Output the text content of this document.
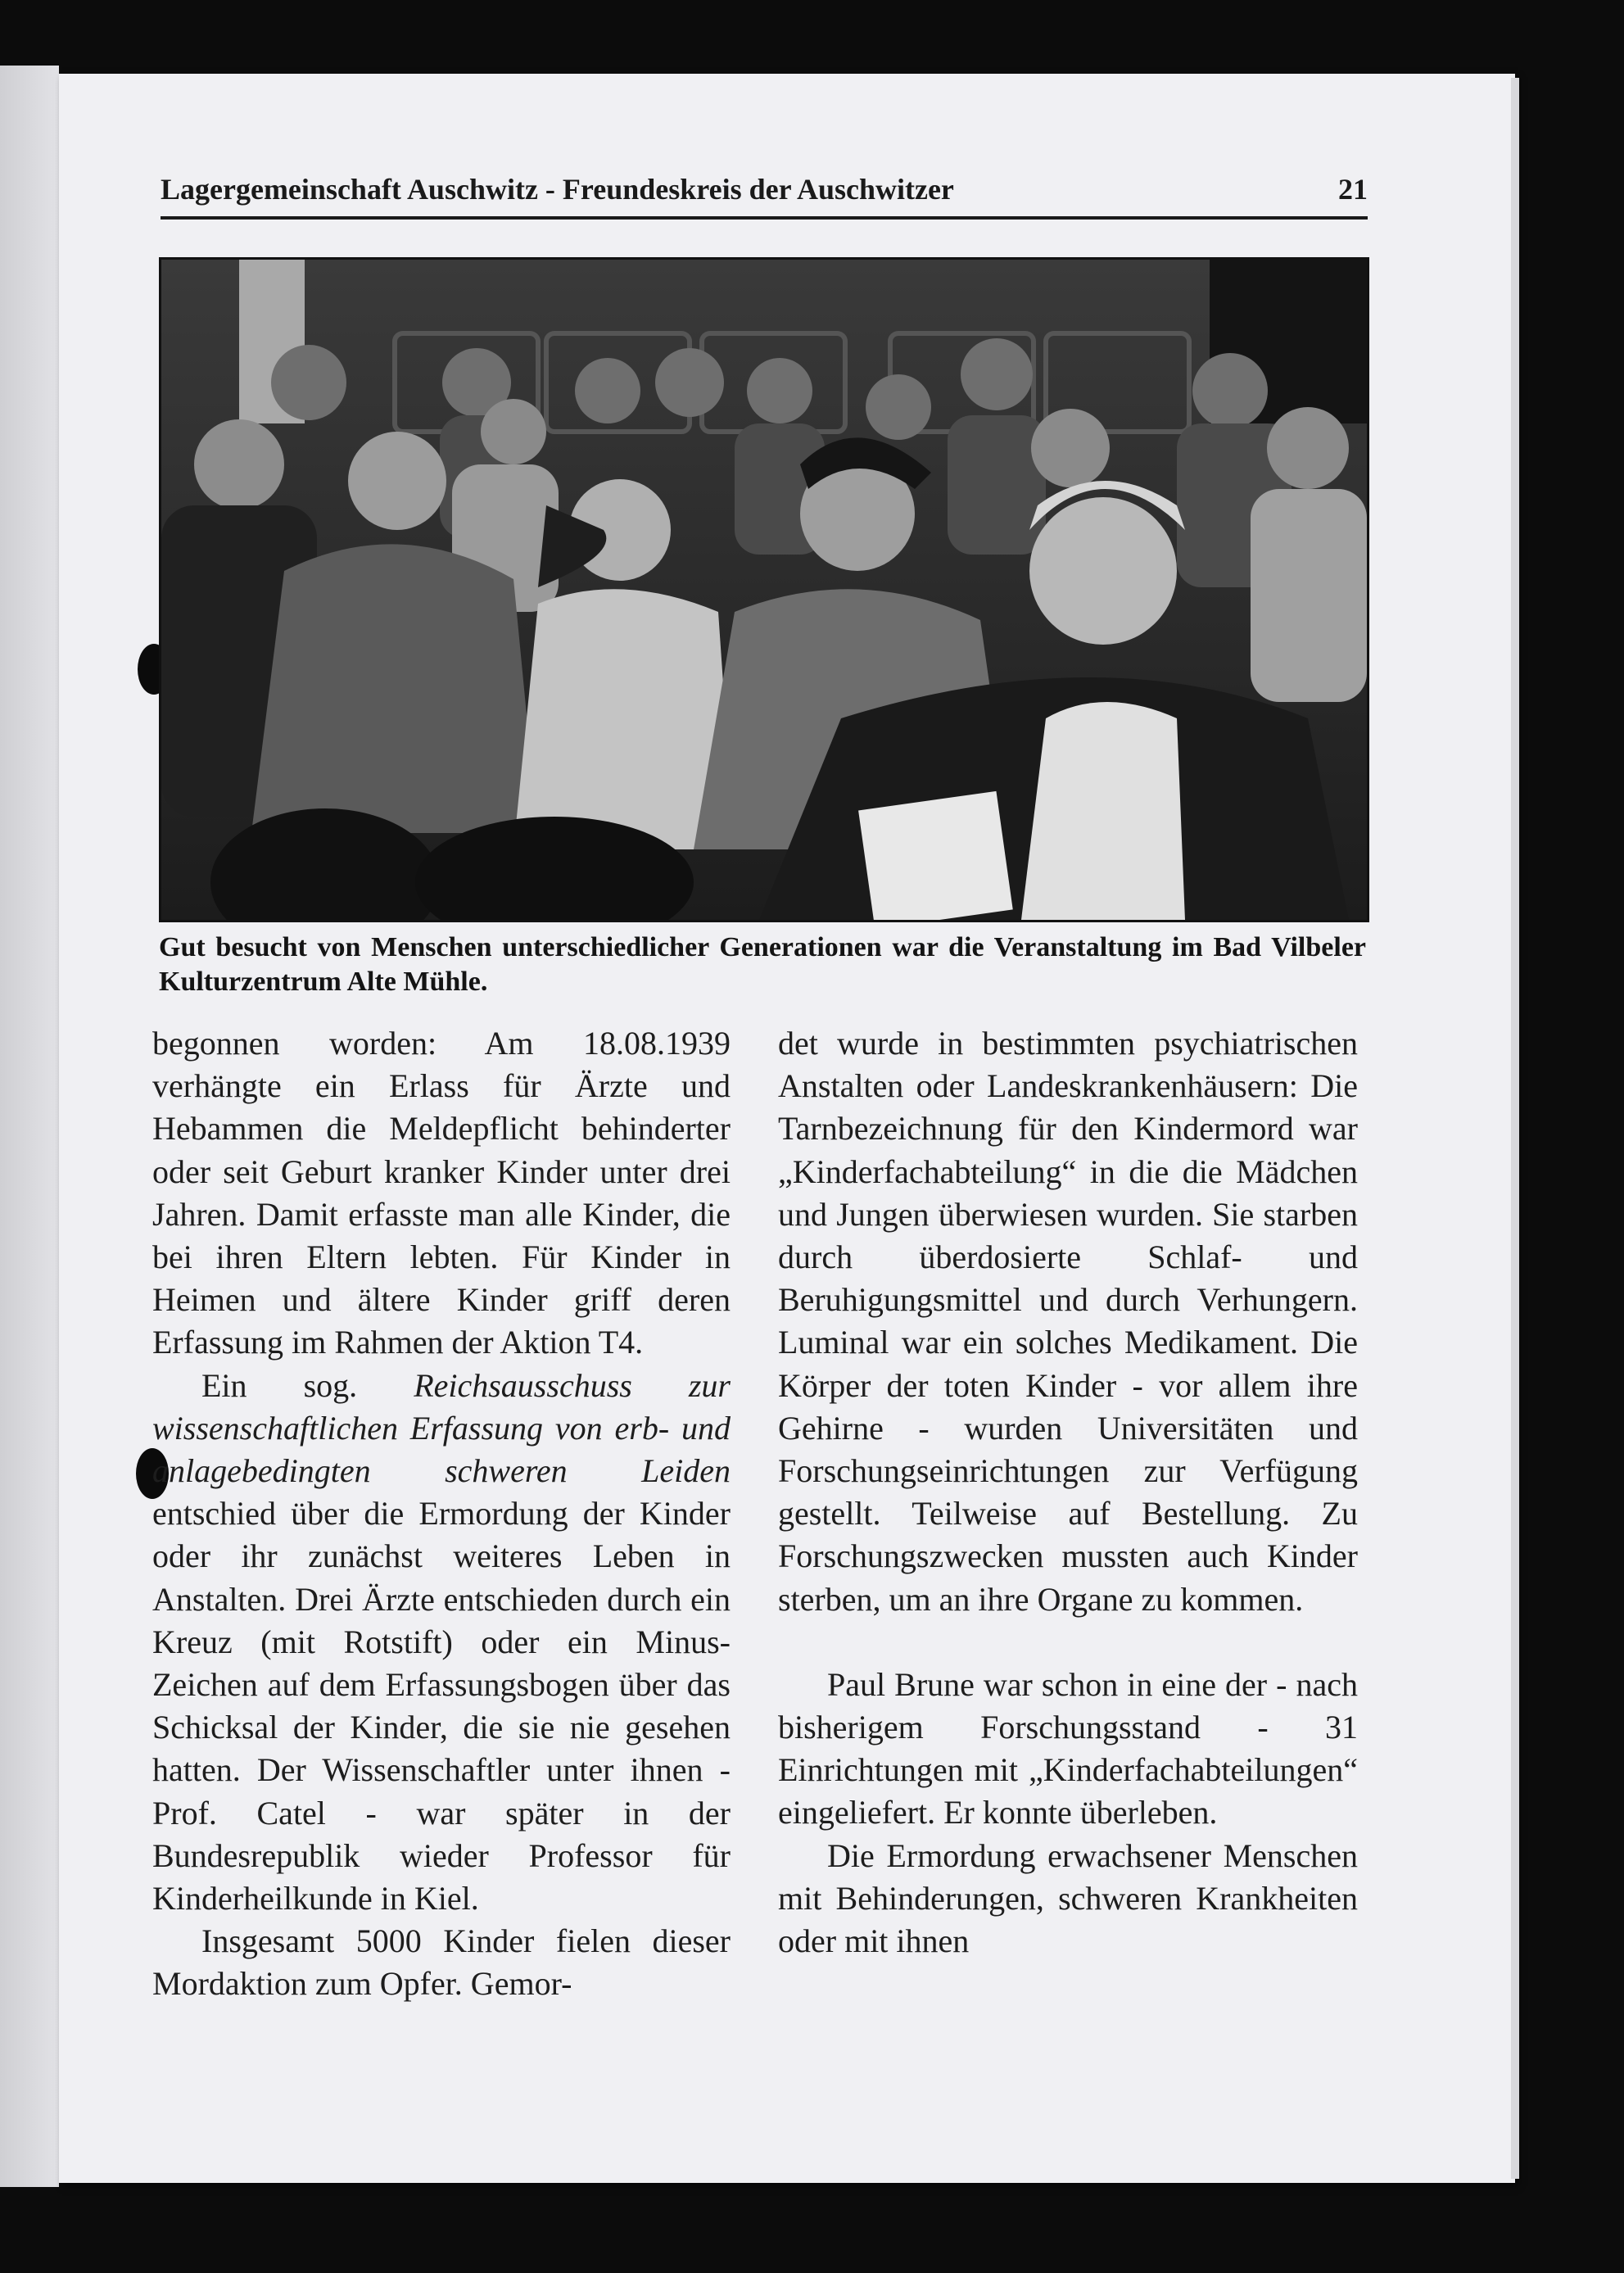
Lagergemeinschaft Auschwitz - Freundeskreis der Auschwitzer	21
Gut besucht von Menschen unterschiedlicher Generationen war die Veranstaltung im Bad Vilbeler Kulturzentrum Alte Mühle.

begonnen worden: Am 18.08.1939 verhängte ein Erlass für Ärzte und Hebammen die Meldepflicht behinderter oder seit Geburt kranker Kinder unter drei Jahren. Damit erfasste man alle Kinder, die bei ihren Eltern lebten. Für Kinder in Heimen und ältere Kinder griff deren Erfassung im Rahmen der Aktion T4.

Ein sog. Reichsausschuss zur wissenschaftlichen Erfassung von erb- und anlagebedingten schweren Leiden entschied über die Ermordung der Kinder oder ihr zunächst weiteres Leben in Anstalten. Drei Ärzte entschieden durch ein Kreuz (mit Rotstift) oder ein Minus-Zeichen auf dem Erfassungsbogen über das Schicksal der Kinder, die sie nie gesehen hatten. Der Wissenschaftler unter ihnen - Prof. Catel - war später in der Bundesrepublik wieder Professor für Kinderheilkunde in Kiel.

Insgesamt 5000 Kinder fielen dieser Mordaktion zum Opfer. Gemor-

det wurde in bestimmten psychiatrischen Anstalten oder Landeskrankenhäusern: Die Tarnbezeichnung für den Kindermord war „Kinderfachabteilung“ in die die Mädchen und Jungen überwiesen wurden. Sie starben durch überdosierte Schlaf- und Beruhigungsmittel und durch Verhungern. Luminal war ein solches Medikament. Die Körper der toten Kinder - vor allem ihre Gehirne - wurden Universitäten und Forschungseinrichtungen zur Verfügung gestellt. Teilweise auf Bestellung. Zu Forschungszwecken mussten auch Kinder sterben, um an ihre Organe zu kommen.

Paul Brune war schon in eine der - nach bisherigem Forschungsstand - 31 Einrichtungen mit „Kinderfachabteilungen“ eingeliefert. Er konnte überleben.

Die Ermordung erwachsener Menschen mit Behinderungen, schweren Krankheiten oder mit ihnen
